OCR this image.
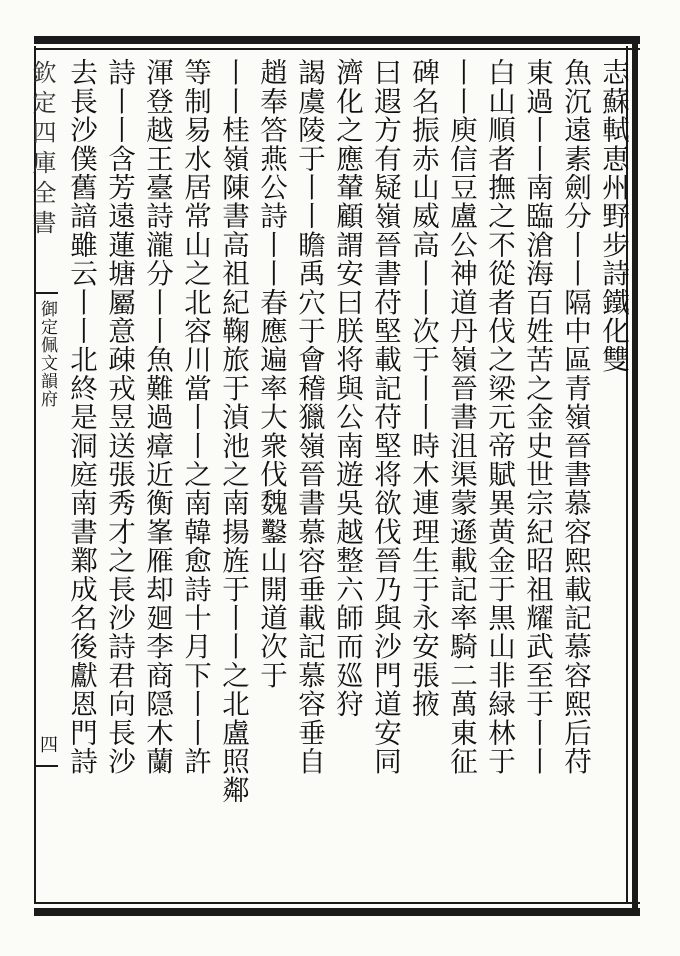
欽定四庫全書
御定佩文韻府
四
志蘇軾恵州野步詩鐵化雙
魚沉遠素劍分丨丨隔中區青嶺晉書慕容熙載記慕容熙后苻
東過丨丨南臨滄海百姓苦之金史世宗紀昭祖耀武至于丨丨
白山順者撫之不從者伐之梁元帝賦異黄金于黒山非緑林于
丨丨庾信豆盧公神道丹嶺晉書沮渠蒙遜載記率騎二萬東征
碑名振赤山威高丨丨次于丨丨時木連理生于永安張掖
曰遐方有疑嶺晉書苻堅載記苻堅将欲伐晉乃與沙門道安同
濟化之應輦顧謂安曰朕将與公南遊吳越整六師而廵狩
謁虞陵于丨丨瞻禹穴于會稽獵嶺晉書慕容垂載記慕容垂自
趙奉答燕公詩丨丨春應遍率大衆伐魏鑿山開道次于
丨丨桂嶺陳書高祖紀鞠旅于湞池之南揚旌于丨丨之北盧照鄰
等制易水居常山之北容川當丨丨之南韓愈詩十月下丨丨許
渾登越王臺詩瀧分丨丨魚難過瘴近衡峯雁却廻李商隠木蘭
詩丨丨含芳遠蓮塘屬意疎戎昱送張秀才之長沙詩君向長沙
去長沙僕舊諳雖云丨丨北終是洞庭南書鄴成名後獻恩門詩
